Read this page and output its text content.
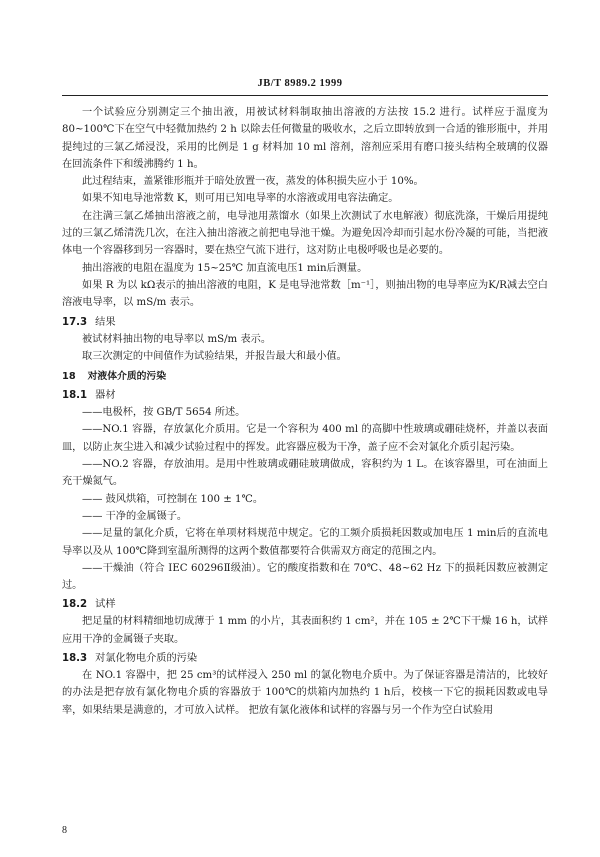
JB/T 8989.2 1999

一个试验应分别测定三个抽出液，用被试材料制取抽出溶液的方法按 15.2 进行。试样应于温度为 80~100℃下在空气中轻微加热约 2 h 以除去任何微量的吸收水，之后立即转放到一合适的锥形瓶中，并用提纯过的三氯乙烯浸没，采用的比例是 1 g 材料加 10 ml 溶剂，溶剂应采用有磨口接头结构全玻璃的仪器在回流条件下和缓沸腾约 1 h。

此过程结束，盖紧锥形瓶并于暗处放置一夜，蒸发的体积损失应小于 10%。

如果不知电导池常数 K，则可用已知电导率的水溶液或用电容法确定。

在注满三氯乙烯抽出溶液之前，电导池用蒸馏水（如果上次测试了水电解液）彻底洗涤，干燥后用提纯过的三氯乙烯清洗几次，在注入抽出溶液之前把电导池干燥。为避免因冷却而引起水份冷凝的可能，当把液体电一个容器移到另一容器时，要在热空气流下进行，这对防止电极呼吸也是必要的。

抽出溶液的电阻在温度为 15~25℃ 加直流电压1 min后测量。

如果 R 为以 kΩ表示的抽出溶液的电阻，K 是电导池常数［m⁻¹］，则抽出物的电导率应为K/R减去空白溶液电导率，以 mS/m 表示。

17.3 结果

被试材料抽出物的电导率以 mS/m 表示。

取三次测定的中间值作为试验结果，并报告最大和最小值。

18 对液体介质的污染
18.1 器材

——电极杯，按 GB/T 5654 所述。

——NO.1 容器，存放氯化介质用。它是一个容积为 400 ml 的高脚中性玻璃或硼硅烧杯，并盖以表面皿，以防止灰尘进入和减少试验过程中的挥发。此容器应极为干净，盖子应不会对氯化介质引起污染。

——NO.2 容器，存放油用。是用中性玻璃或硼硅玻璃做成，容积约为 1 L。在该容器里，可在油面上充干燥氮气。

—— 鼓风烘箱，可控制在 100 ± 1℃。

—— 干净的金属镊子。

——足量的氯化介质，它将在单项材料规范中规定。它的工频介质损耗因数或加电压 1 min后的直流电导率以及从 100℃降到室温所测得的这两个数值都要符合供需双方商定的范围之内。

——干燥油（符合 IEC 60296Ⅱ级油）。它的酸度指数和在 70℃、48~62 Hz 下的损耗因数应被测定过。

18.2 试样

把足量的材料精细地切成薄于 1 mm 的小片，其表面积约 1 cm²，并在 105 ± 2℃下干燥 16 h，试样应用干净的金属镊子夹取。

18.3 对氯化物电介质的污染

在 NO.1 容器中，把 25 cm³的试样浸入 250 ml 的氯化物电介质中。为了保证容器是清洁的，比较好的办法是把存放有氯化物电介质的容器放于 100℃的烘箱内加热约 1 h后，校核一下它的损耗因数或电导率，如果结果是满意的，才可放入试样。 把放有氯化液体和试样的容器与另一个作为空白试验用

8
